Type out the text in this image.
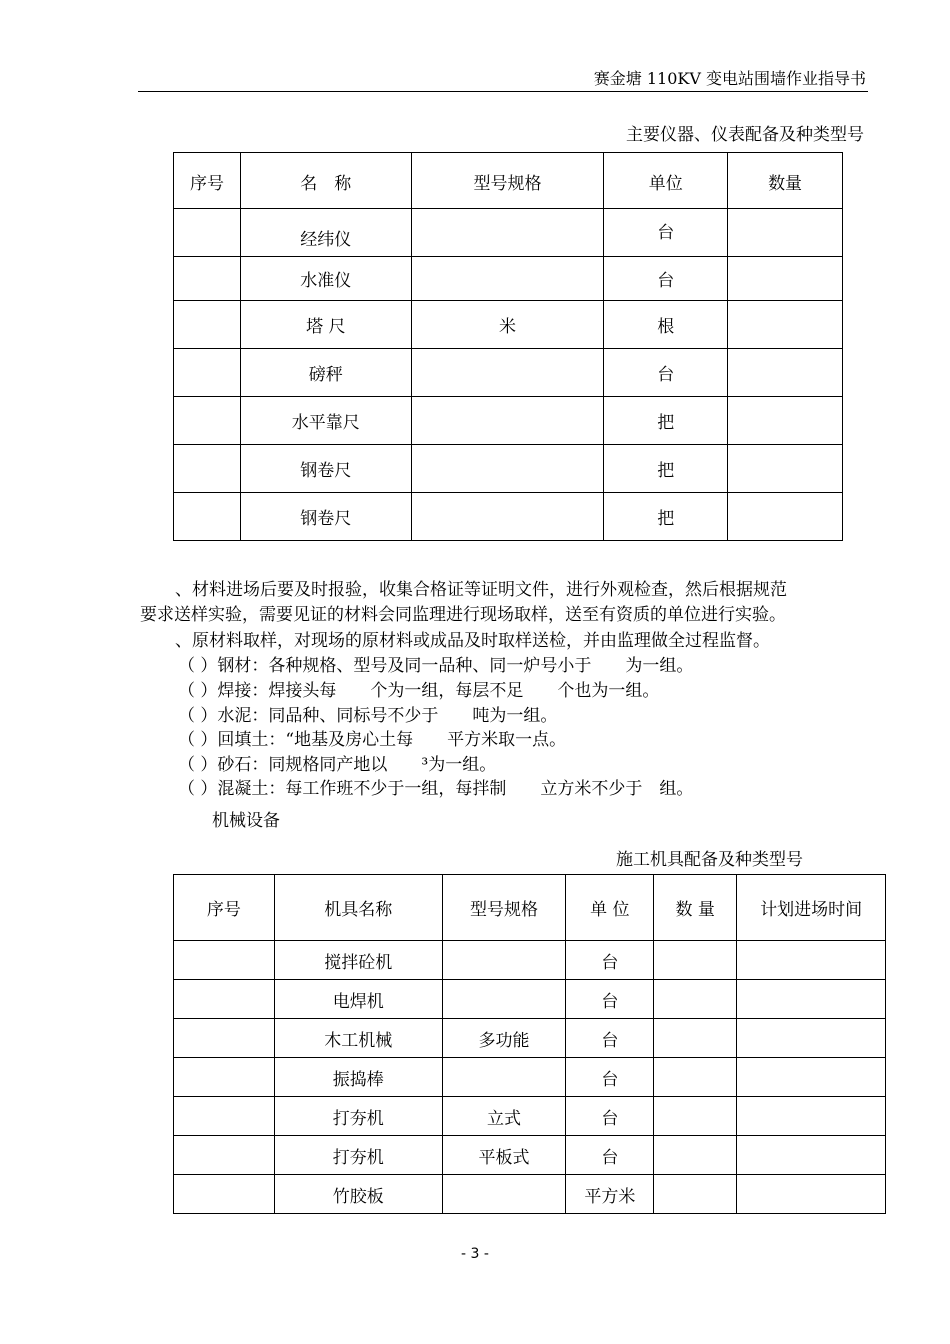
赛金塘 110KV 变电站围墙作业指导书
主要仪器、仪表配备及种类型号
序号	名　称	型号规格	单位	数量
	经纬仪		台	
	水准仪		台	
	塔 尺	米	根	
	磅秤		台	
	水平靠尺		把	
	钢卷尺		把	
	钢卷尺		把	
、材料进场后要及时报验，收集合格证等证明文件，进行外观检查，然后根据规范
要求送样实验，需要见证的材料会同监理进行现场取样，送至有资质的单位进行实验。
、原材料取样，对现场的原材料或成品及时取样送检，并由监理做全过程监督。
（ ）钢材：各种规格、型号及同一品种、同一炉号小于　　为一组。
（ ）焊接：焊接头每　　个为一组，每层不足　　个也为一组。
（ ）水泥：同品种、同标号不少于　　吨为一组。
（ ）回填土：“地基及房心土每　　平方米取一点。
（ ）砂石：同规格同产地以　　³为一组。
（ ）混凝土：每工作班不少于一组，每拌制　　立方米不少于　组。
机械设备
施工机具配备及种类型号
序号	机具名称	型号规格	单 位	数 量	计划进场时间
	搅拌砼机		台		
	电焊机		台		
	木工机械	多功能	台		
	振捣棒		台		
	打夯机	立式	台		
	打夯机	平板式	台		
	竹胶板		平方米		
- 3 -
